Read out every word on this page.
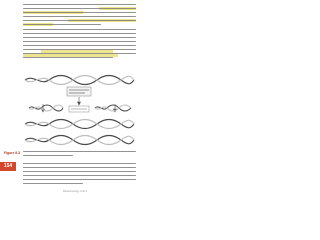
Figure 8.3
154
Biotechnology Unit 2
